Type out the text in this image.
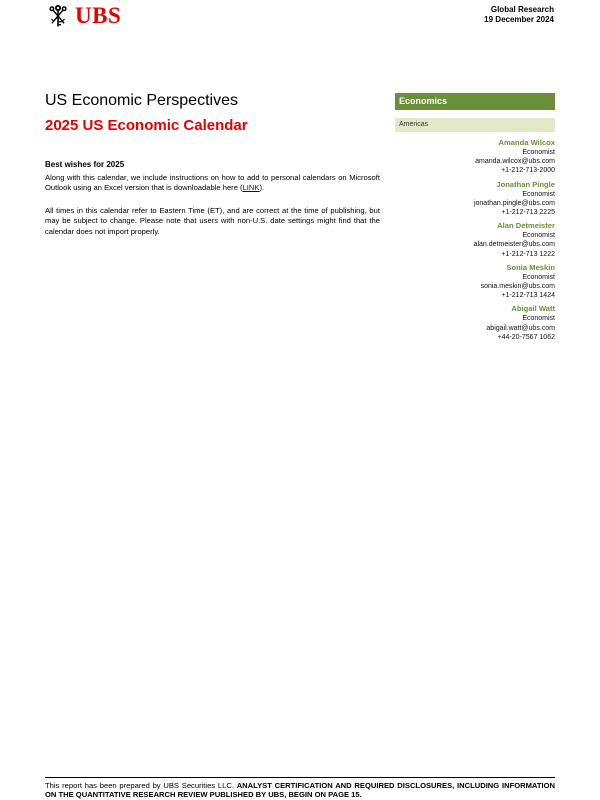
UBS	Global Research
19 December 2024
US Economic Perspectives
2025 US Economic Calendar
Best wishes for 2025

Along with this calendar, we include instructions on how to add to personal calendars on Microsoft Outlook using an Excel version that is downloadable here (LINK).

All times in this calendar refer to Eastern Time (ET), and are correct at the time of publishing, but may be subject to change. Please note that users with non-U.S. date settings might find that the calendar does not import properly.

Economics
Americas
Amanda Wilcox
Economist
amanda.wilcox@ubs.com
+1-212-713-2000
Jonathan Pingle
Economist
jonathan.pingle@ubs.com
+1-212-713 2225
Alan Detmeister
Economist
alan.detmeister@ubs.com
+1-212-713 1222
Sonia Meskin
Economist
sonia.meskin@ubs.com
+1-212-713 1424
Abigail Watt
Economist
abigail.watt@ubs.com
+44-20-7567 1062
This report has been prepared by UBS Securities LLC. ANALYST CERTIFICATION AND REQUIRED DISCLOSURES, INCLUDING INFORMATION ON THE QUANTITATIVE RESEARCH REVIEW PUBLISHED BY UBS, BEGIN ON PAGE 15.
